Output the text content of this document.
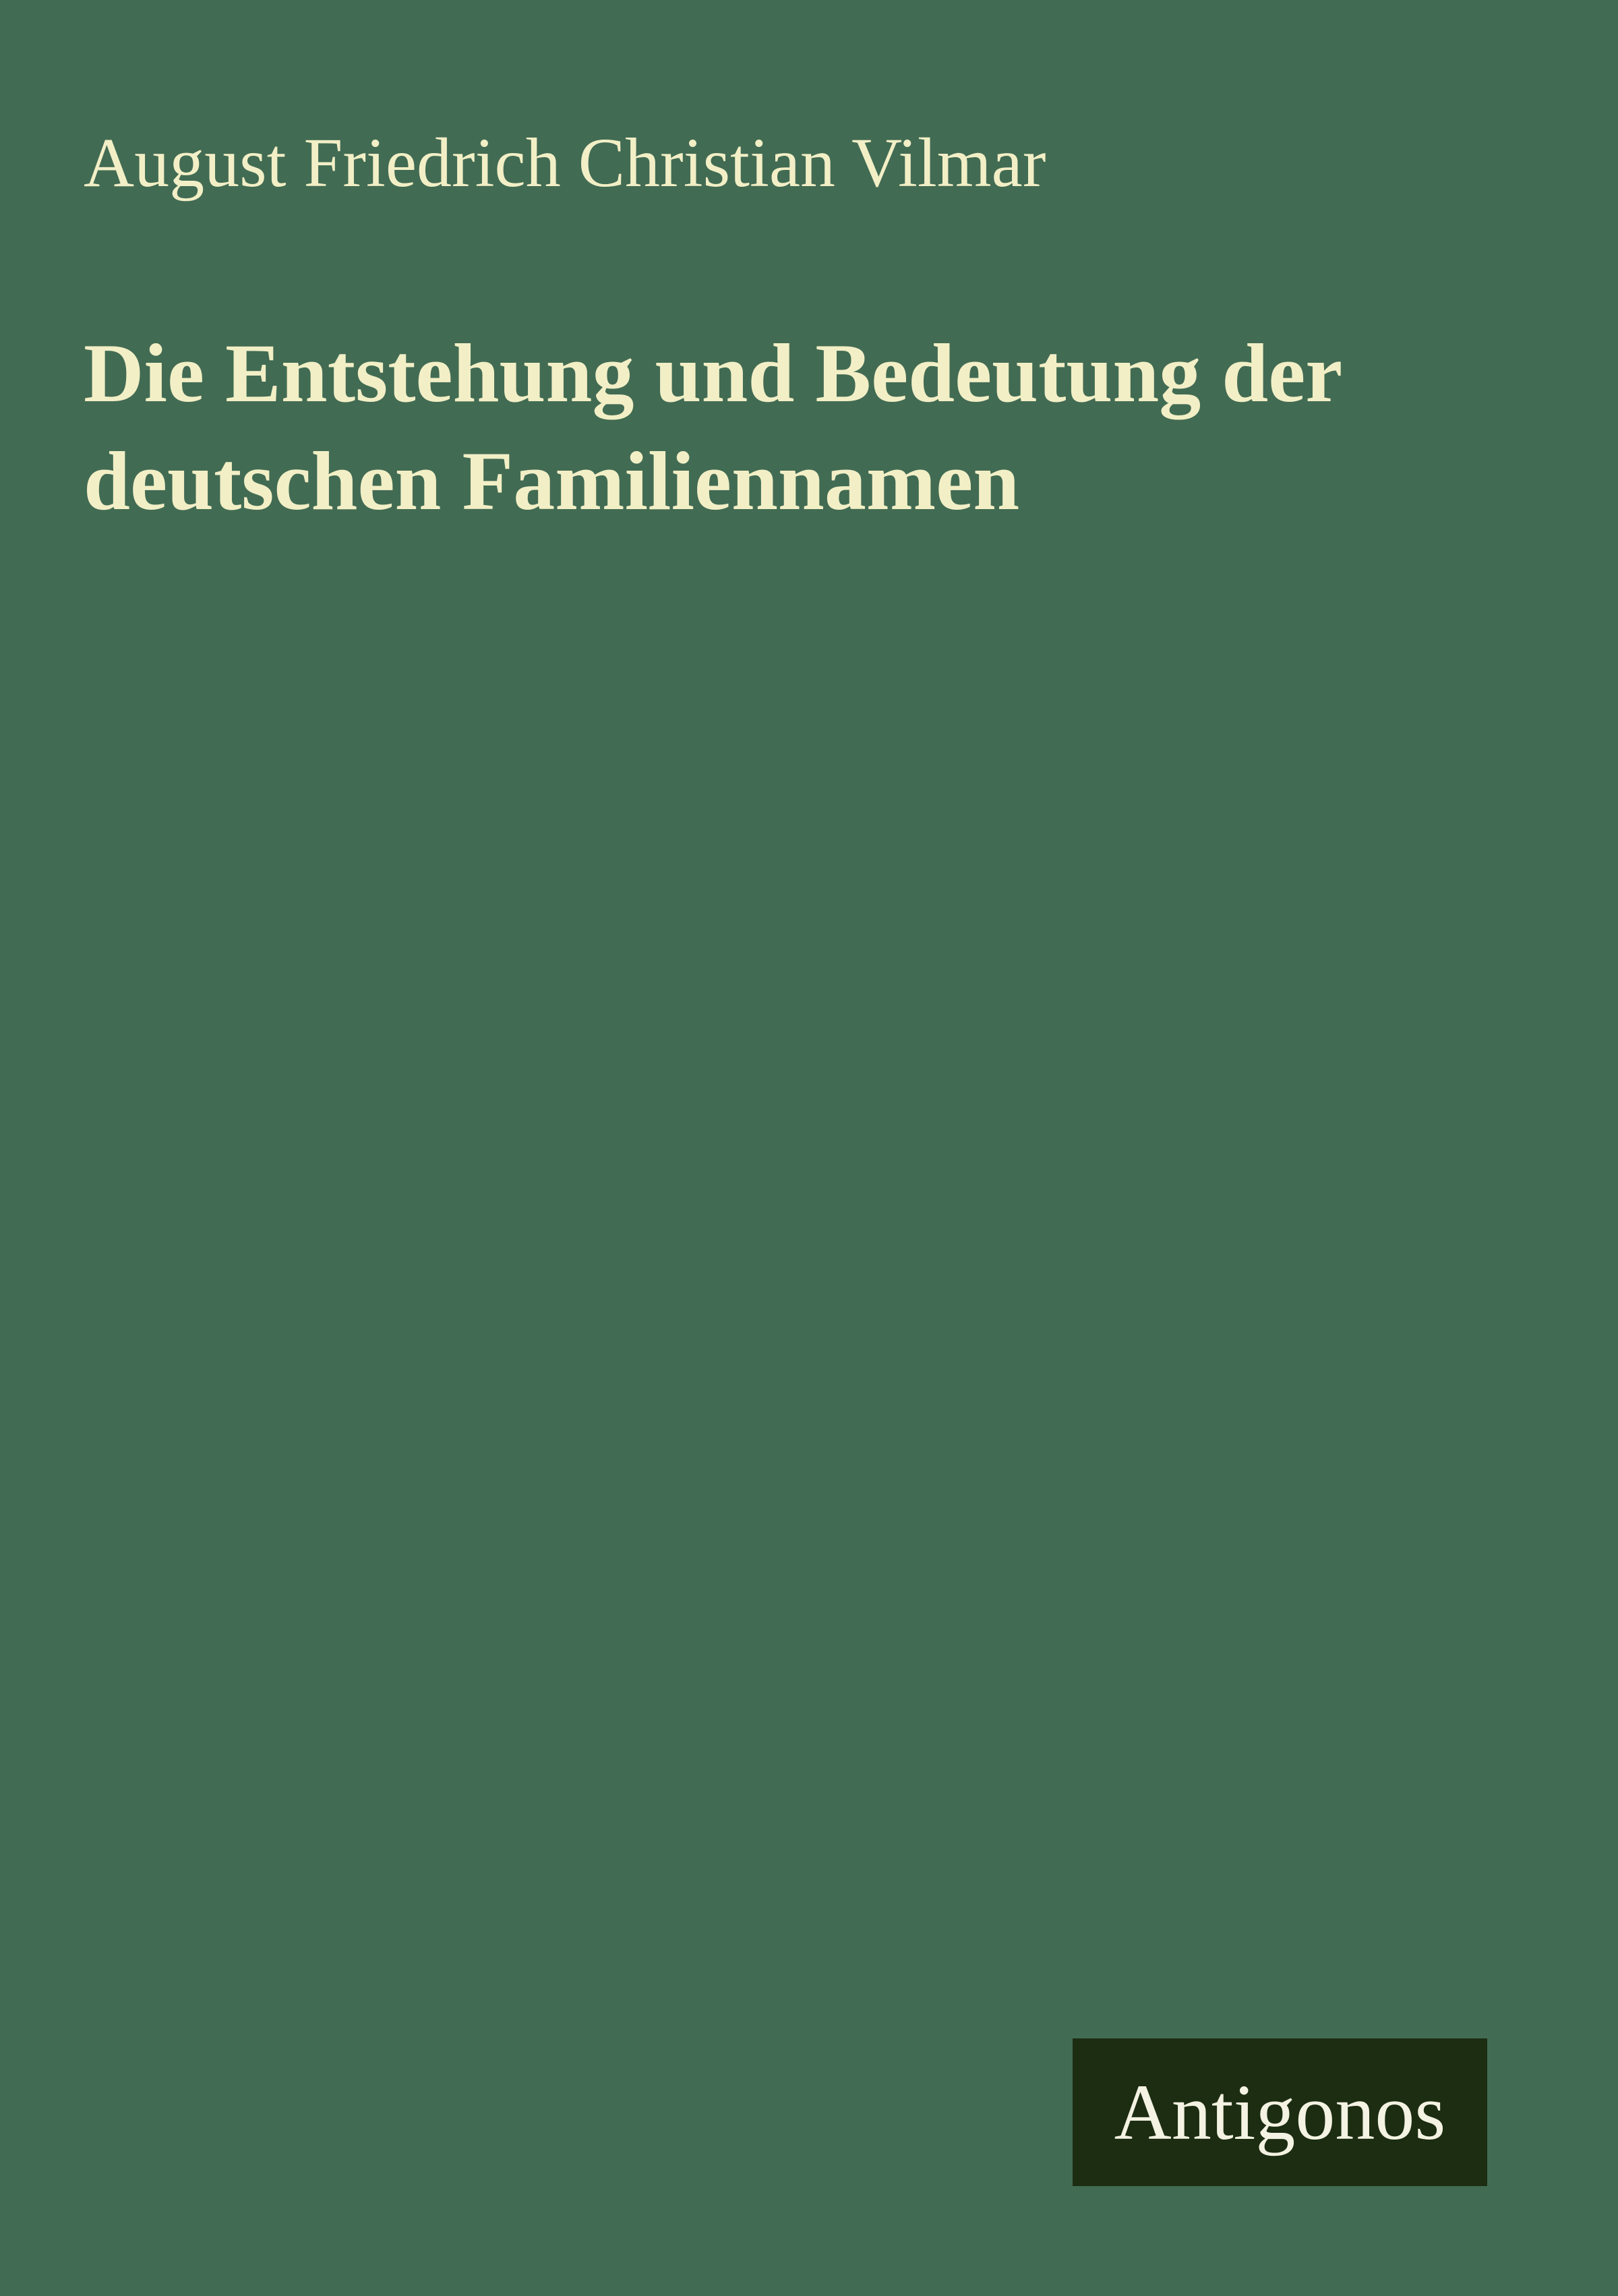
August Friedrich Christian Vilmar
Die Entstehung und Bedeutung der
deutschen Familiennamen
Antigonos
